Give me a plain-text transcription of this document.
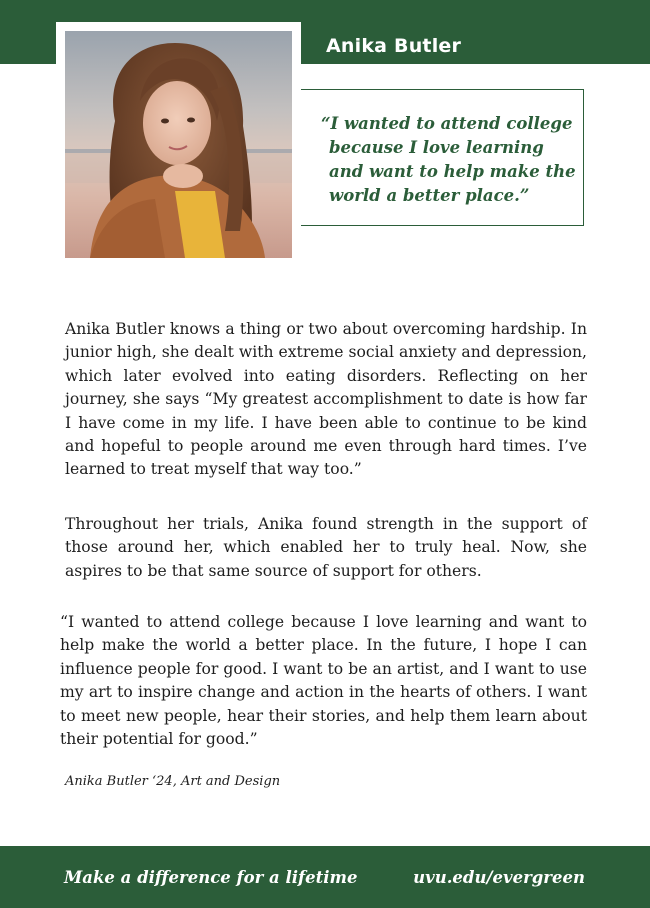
Anika Butler
“I wanted to attend college because I love learning and want to help make the world a better place.”

Anika Butler knows a thing or two about overcoming hardship. In junior high, she dealt with extreme social anxiety and depression, which later evolved into eating disorders. Reflecting on her journey, she says “My greatest accomplishment to date is how far I have come in my life. I have been able to continue to be kind and hopeful to people around me even through hard times. I’ve learned to treat myself that way too.”

Throughout her trials, Anika found strength in the support of those around her, which enabled her to truly heal. Now, she aspires to be that same source of support for others.

“I wanted to attend college because I love learning and want to help make the world a better place. In the future, I hope I can influence people for good. I want to be an artist, and I want to use my art to inspire change and action in the hearts of others. I want to meet new people, hear their stories, and help them learn about their potential for good.”

Anika Butler ‘24, Art and Design
Make a difference for a lifetime	uvu.edu/evergreen
